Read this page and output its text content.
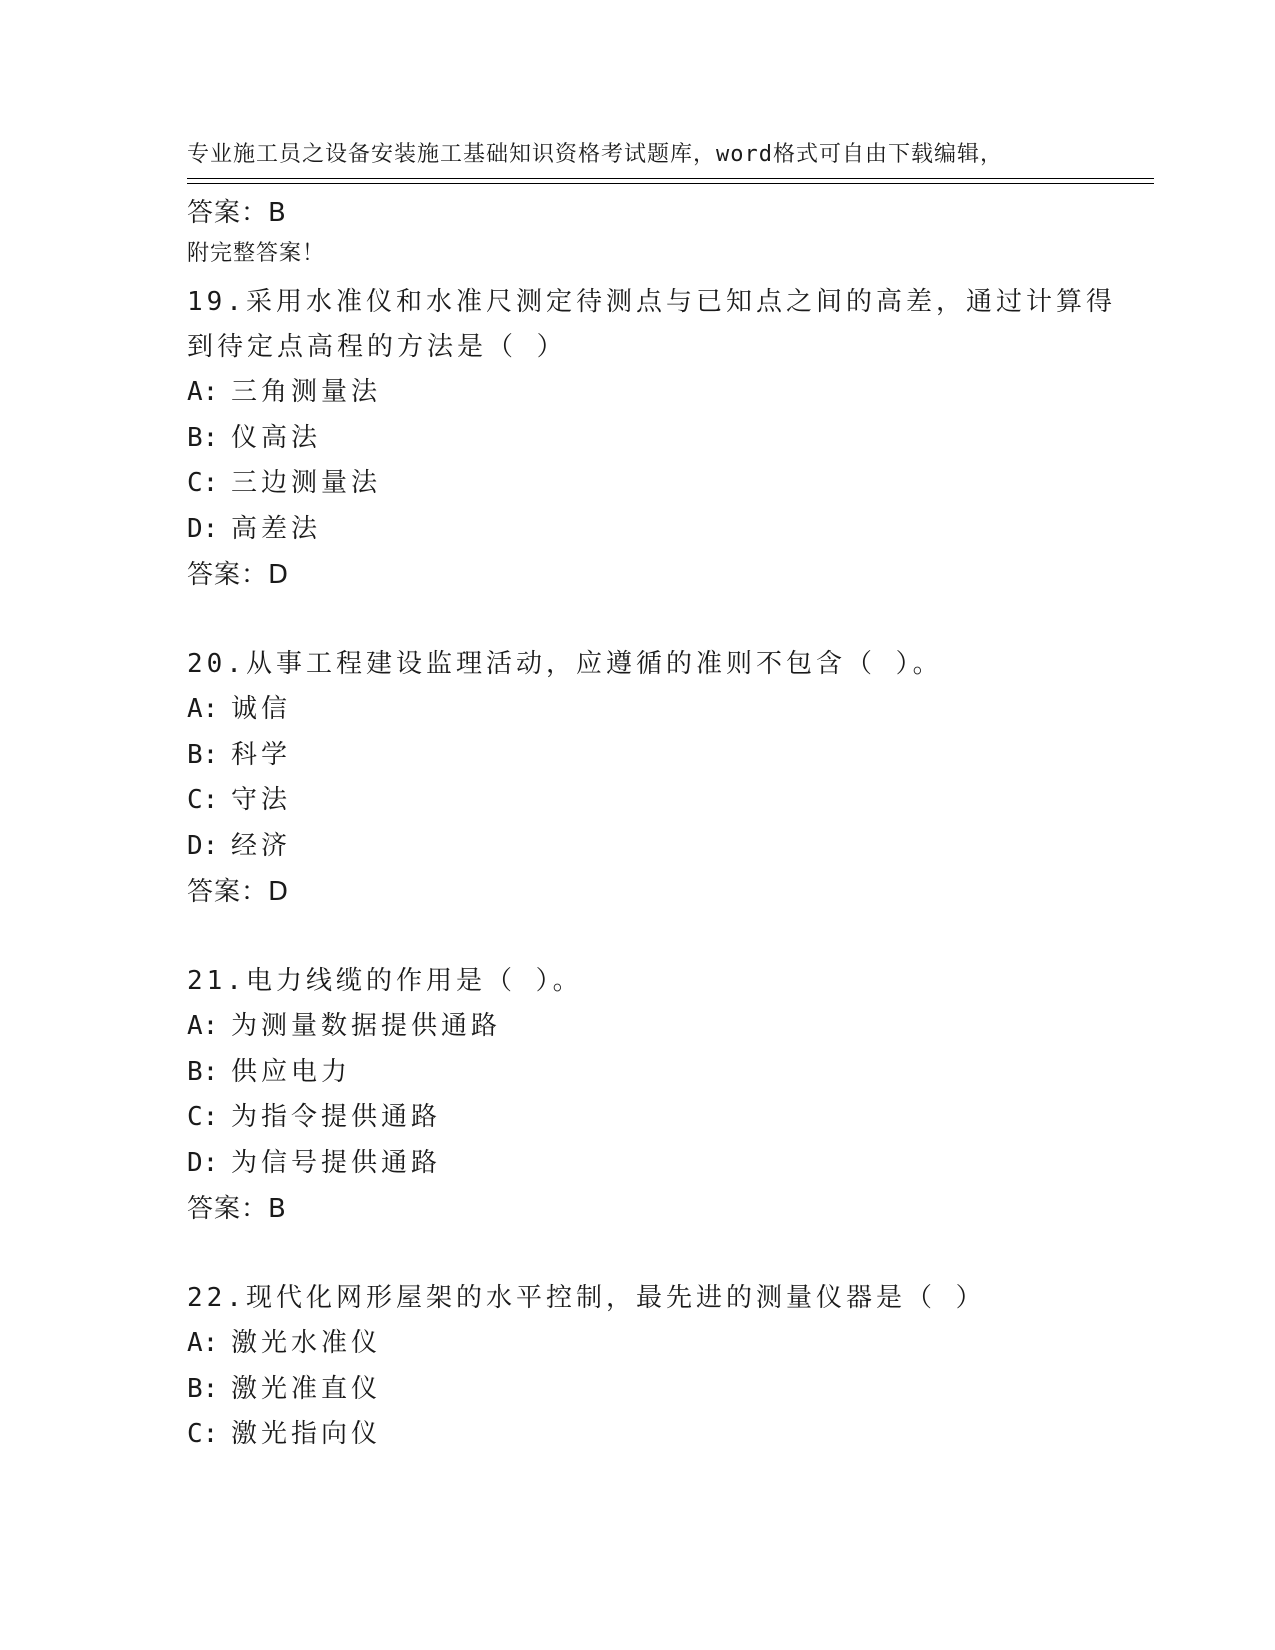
专业施工员之设备安装施工基础知识资格考试题库，word格式可自由下载编辑，

附完整答案！

答案：B
19.采用水准仪和水准尺测定待测点与已知点之间的高差，通过计算得
到待定点高程的方法是（ ）
A: 三角测量法
B: 仪高法
C: 三边测量法
D: 高差法
答案：D
20.从事工程建设监理活动，应遵循的准则不包含（ ）。
A: 诚信
B: 科学
C: 守法
D: 经济
答案：D
21.电力线缆的作用是（ ）。
A: 为测量数据提供通路
B: 供应电力
C: 为指令提供通路
D: 为信号提供通路
答案：B
22.现代化网形屋架的水平控制，最先进的测量仪器是（ ）
A: 激光水准仪
B: 激光准直仪
C: 激光指向仪
